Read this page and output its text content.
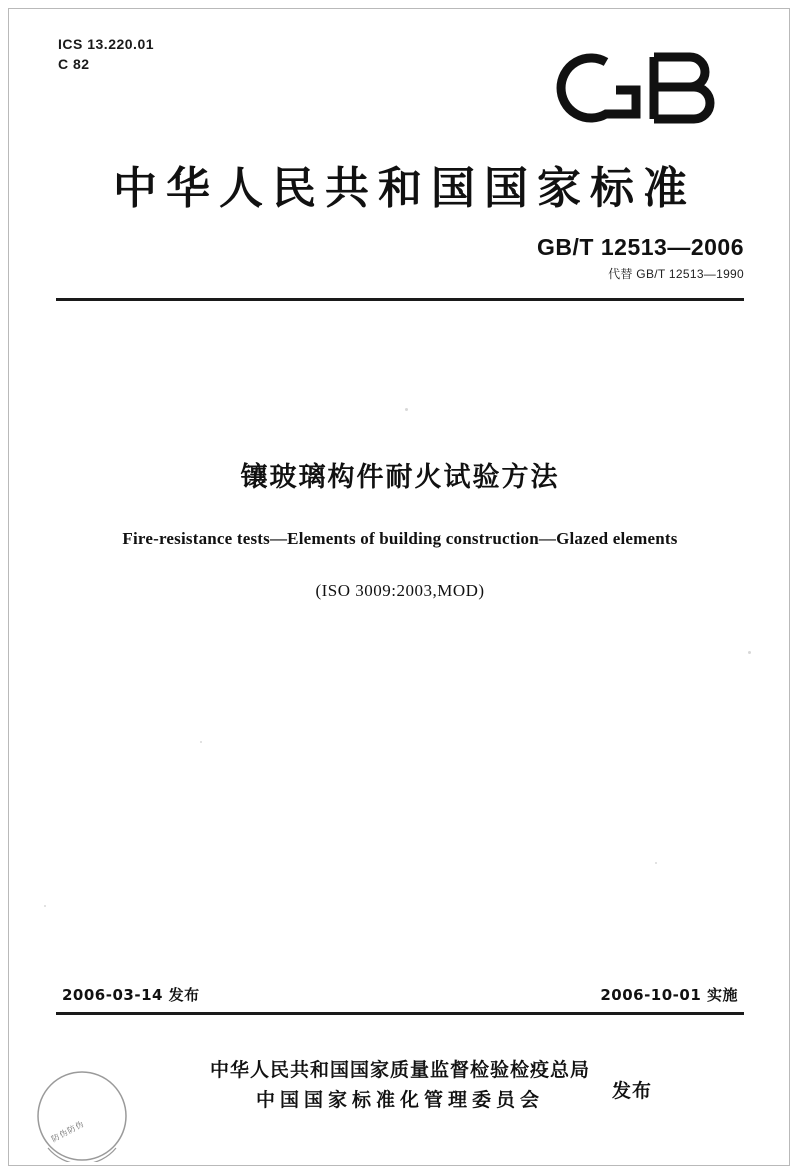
ICS 13.220.01
C 82
中华人民共和国国家标准
GB/T 12513—2006
代替 GB/T 12513—1990
镶玻璃构件耐火试验方法
Fire-resistance tests—Elements of building construction—Glazed elements
(ISO 3009:2003,MOD)
2006-03-14 发布	2006-10-01 实施
中华人民共和国国家质量监督检验检疫总局
中国国家标准化管理委员会	发布
防伪防伪
